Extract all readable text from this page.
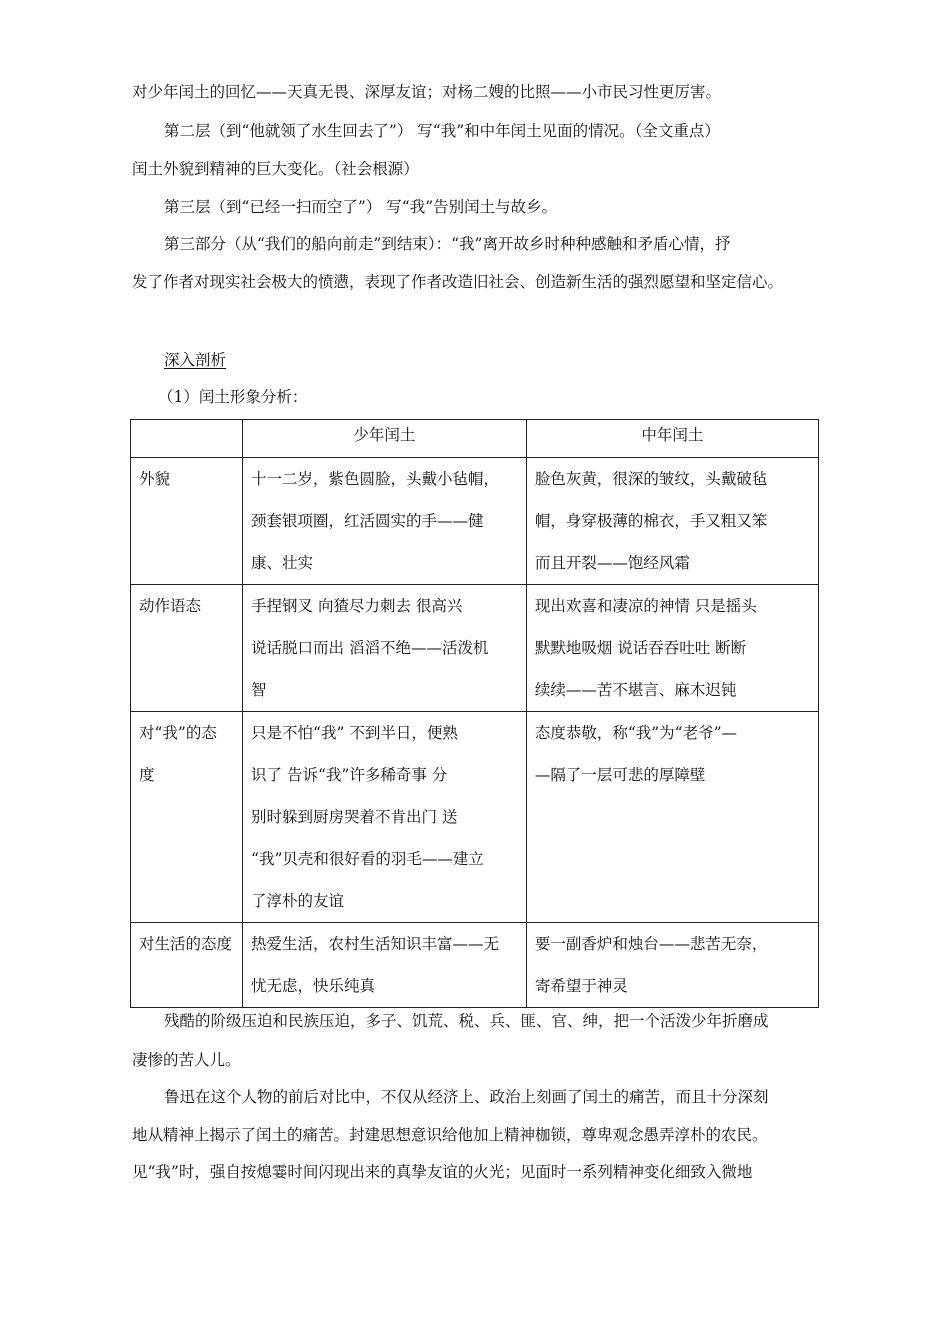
对少年闰土的回忆——天真无畏、深厚友谊；对杨二嫂的比照——小市民习性更厉害。
第二层（到“他就领了水生回去了”） 写“我”和中年闰土见面的情况。（全文重点）
闰土外貌到精神的巨大变化。（社会根源）
第三层（到“已经一扫而空了”） 写“我”告别闰土与故乡。
第三部分（从“我们的船向前走”到结束）：“我”离开故乡时种种感触和矛盾心情，抒
发了作者对现实社会极大的愤懑，表现了作者改造旧社会、创造新生活的强烈愿望和坚定信心。
深入剖析
（1）闰土形象分析：
	少年闰土	中年闰土

外貌	十一二岁，紫色圆脸，头戴小毡帽，
颈套银项圈，红活圆实的手——健
康、壮实	脸色灰黄，很深的皱纹，头戴破毡
帽，身穿极薄的棉衣，手又粗又笨
而且开裂——饱经风霜

动作语态	手捏钢叉 向猹尽力刺去 很高兴
说话脱口而出 滔滔不绝——活泼机
智	现出欢喜和凄凉的神情 只是摇头
默默地吸烟 说话吞吞吐吐 断断
续续——苦不堪言、麻木迟钝

对“我”的态
度	只是不怕“我” 不到半日，便熟
识了 告诉“我”许多稀奇事 分
别时躲到厨房哭着不肯出门 送
“我”贝壳和很好看的羽毛——建立
了淳朴的友谊	态度恭敬，称“我”为“老爷”—
—隔了一层可悲的厚障壁

对生活的态度	热爱生活，农村生活知识丰富——无
忧无虑，快乐纯真	要一副香炉和烛台——悲苦无奈，
寄希望于神灵
残酷的阶级压迫和民族压迫，多子、饥荒、税、兵、匪、官、绅，把一个活泼少年折磨成
凄惨的苦人儿。
鲁迅在这个人物的前后对比中，不仅从经济上、政治上刻画了闰土的痛苦，而且十分深刻
地从精神上揭示了闰土的痛苦。封建思想意识给他加上精神枷锁，尊卑观念愚弄淳朴的农民。
见“我”时，强自按熄霎时间闪现出来的真挚友谊的火光；见面时一系列精神变化细致入微地
